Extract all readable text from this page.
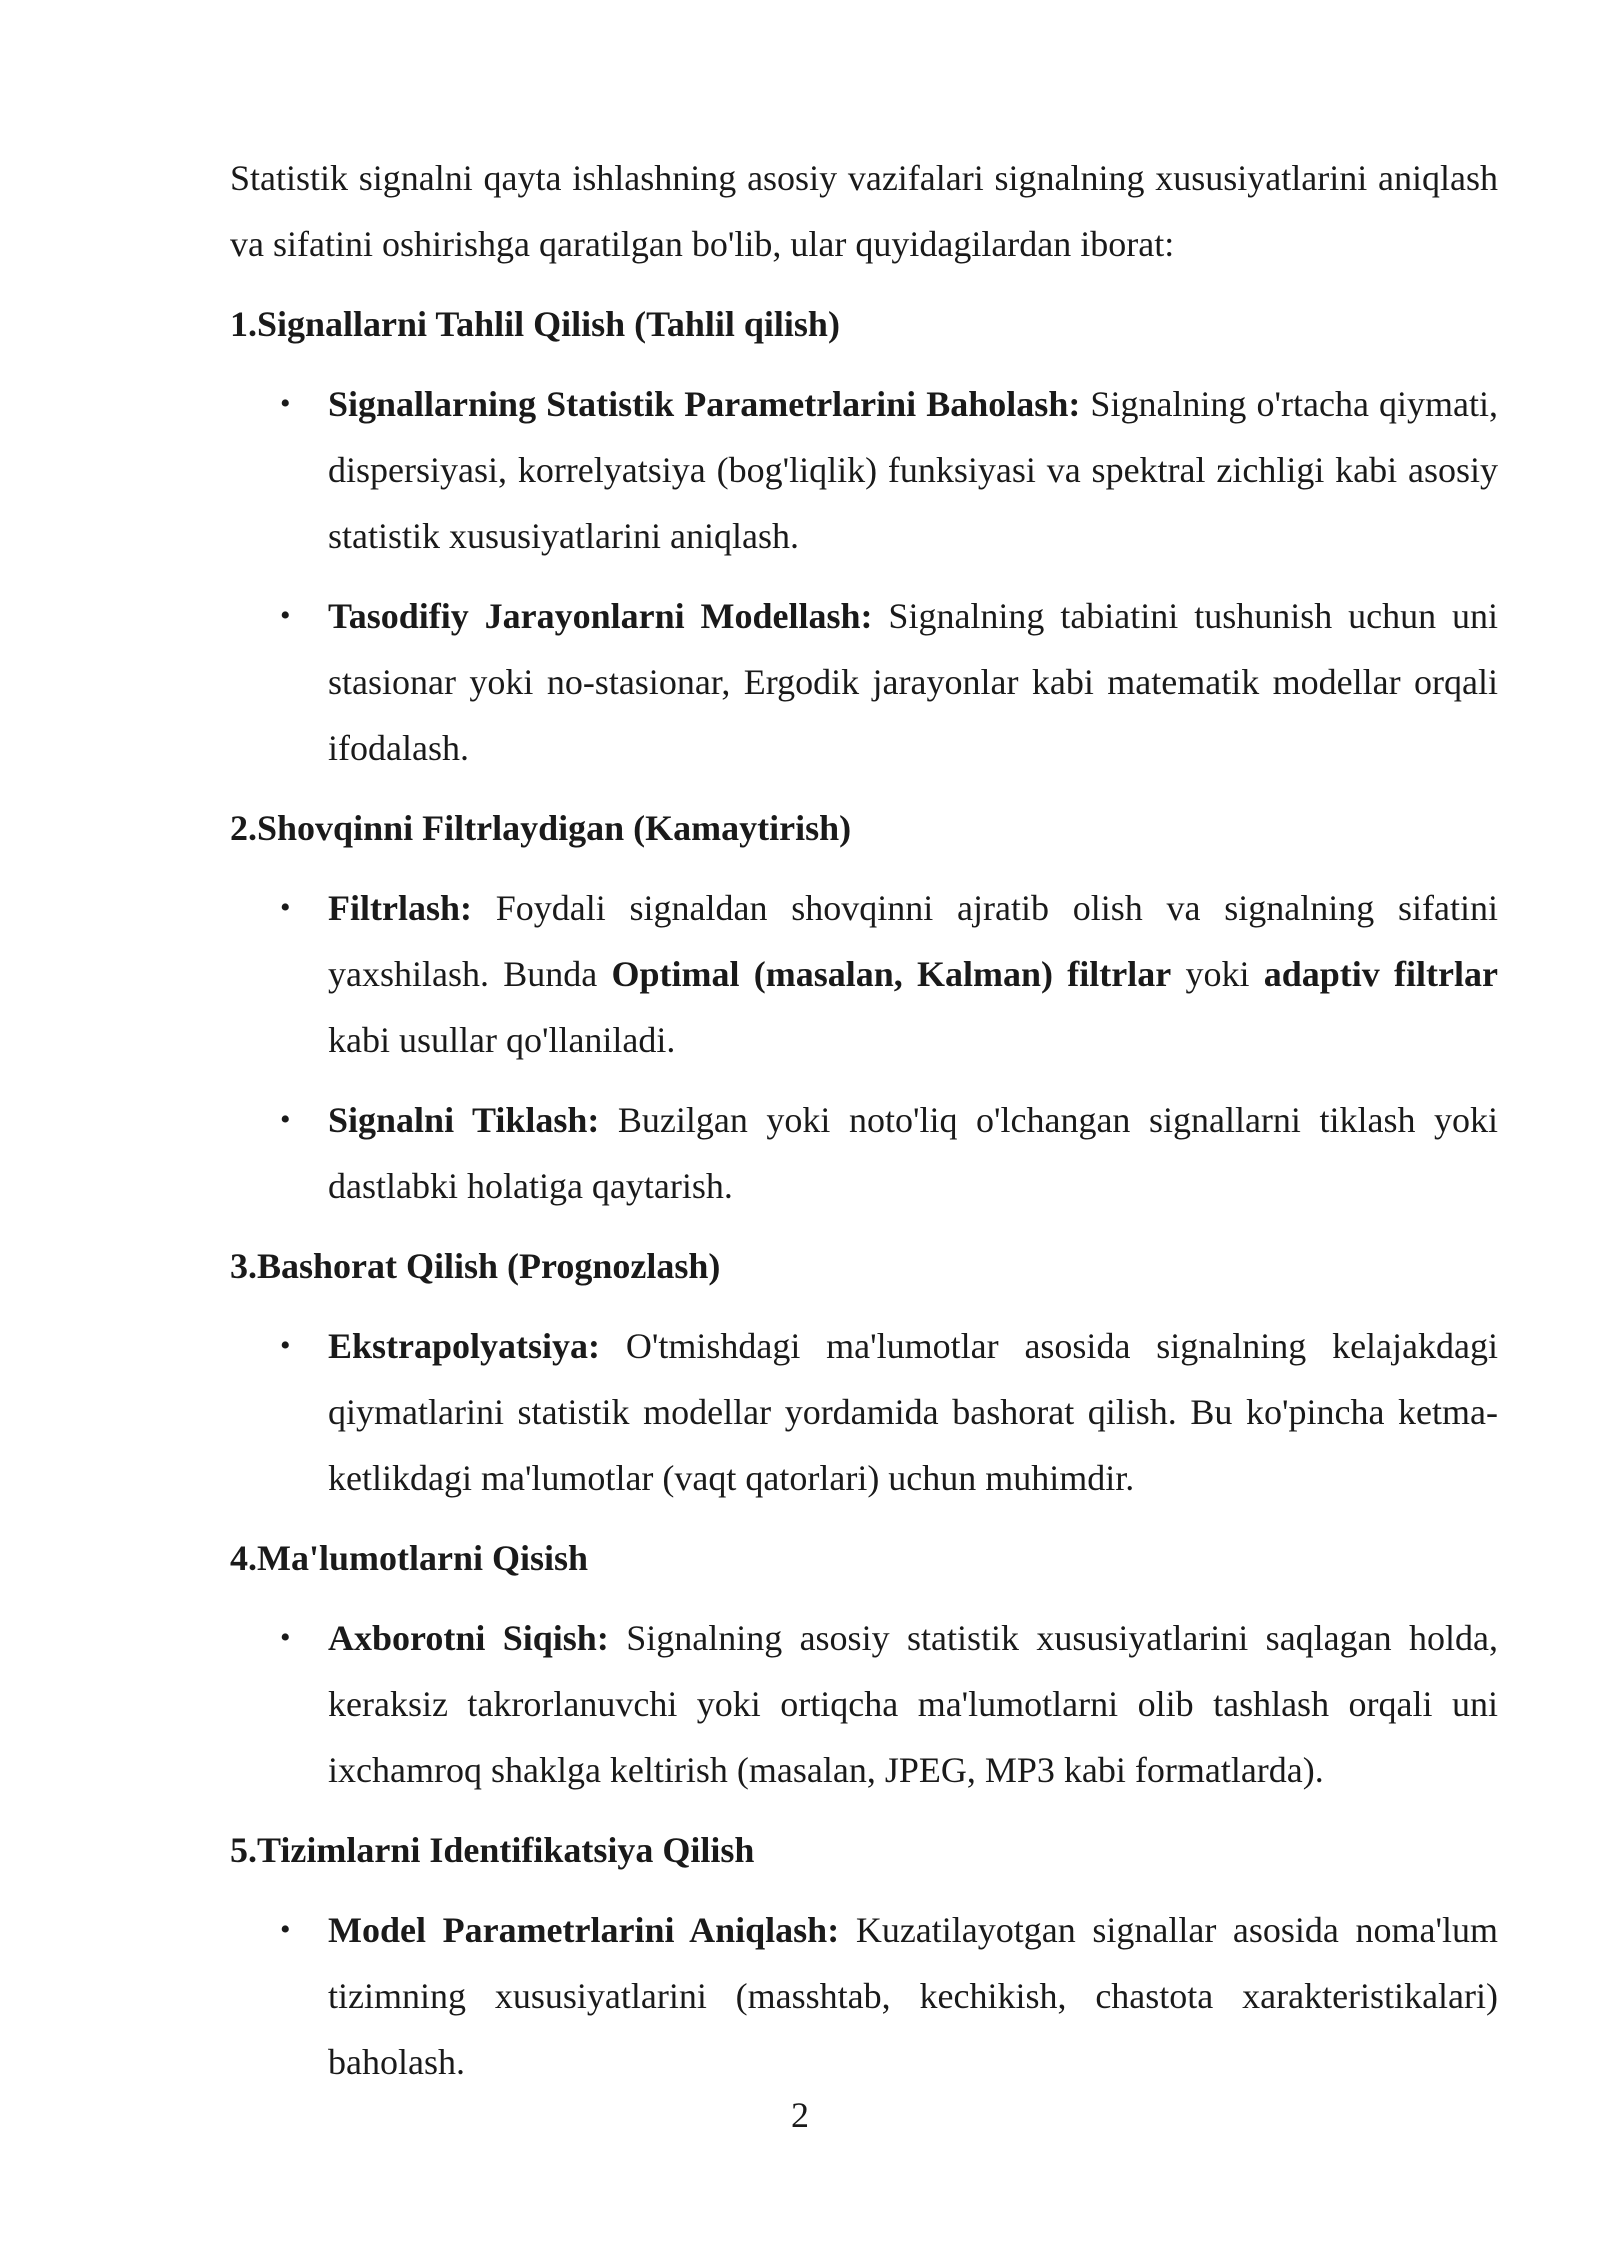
Statistik signalni qayta ishlashning asosiy vazifalari signalning xususiyatlarini aniqlash va sifatini oshirishga qaratilgan bo'lib, ular quyidagilardan iborat:

1.Signallarni Tahlil Qilish (Tahlil qilish)
• Signallarning Statistik Parametrlarini Baholash: Signalning o'rtacha qiymati, dispersiyasi, korrelyatsiya (bog'liqlik) funksiyasi va spektral zichligi kabi asosiy statistik xususiyatlarini aniqlash.
• Tasodifiy Jarayonlarni Modellash: Signalning tabiatini tushunish uchun uni stasionar yoki no-stasionar, Ergodik jarayonlar kabi matematik modellar orqali ifodalash.
2.Shovqinni Filtrlaydigan (Kamaytirish)
• Filtrlash: Foydali signaldan shovqinni ajratib olish va signalning sifatini yaxshilash. Bunda Optimal (masalan, Kalman) filtrlar yoki adaptiv filtrlar kabi usullar qo'llaniladi.
• Signalni Tiklash: Buzilgan yoki noto'liq o'lchangan signallarni tiklash yoki dastlabki holatiga qaytarish.
3.Bashorat Qilish (Prognozlash)
• Ekstrapolyatsiya: O'tmishdagi ma'lumotlar asosida signalning kelajakdagi qiymatlarini statistik modellar yordamida bashorat qilish. Bu ko'pincha ketma-ketlikdagi ma'lumotlar (vaqt qatorlari) uchun muhimdir.
4.Ma'lumotlarni Qisish
• Axborotni Siqish: Signalning asosiy statistik xususiyatlarini saqlagan holda, keraksiz takrorlanuvchi yoki ortiqcha ma'lumotlarni olib tashlash orqali uni ixchamroq shaklga keltirish (masalan, JPEG, MP3 kabi formatlarda).
5.Tizimlarni Identifikatsiya Qilish
• Model Parametrlarini Aniqlash: Kuzatilayotgan signallar asosida noma'lum tizimning xususiyatlarini (masshtab, kechikish, chastota xarakteristikalari) baholash.
2
